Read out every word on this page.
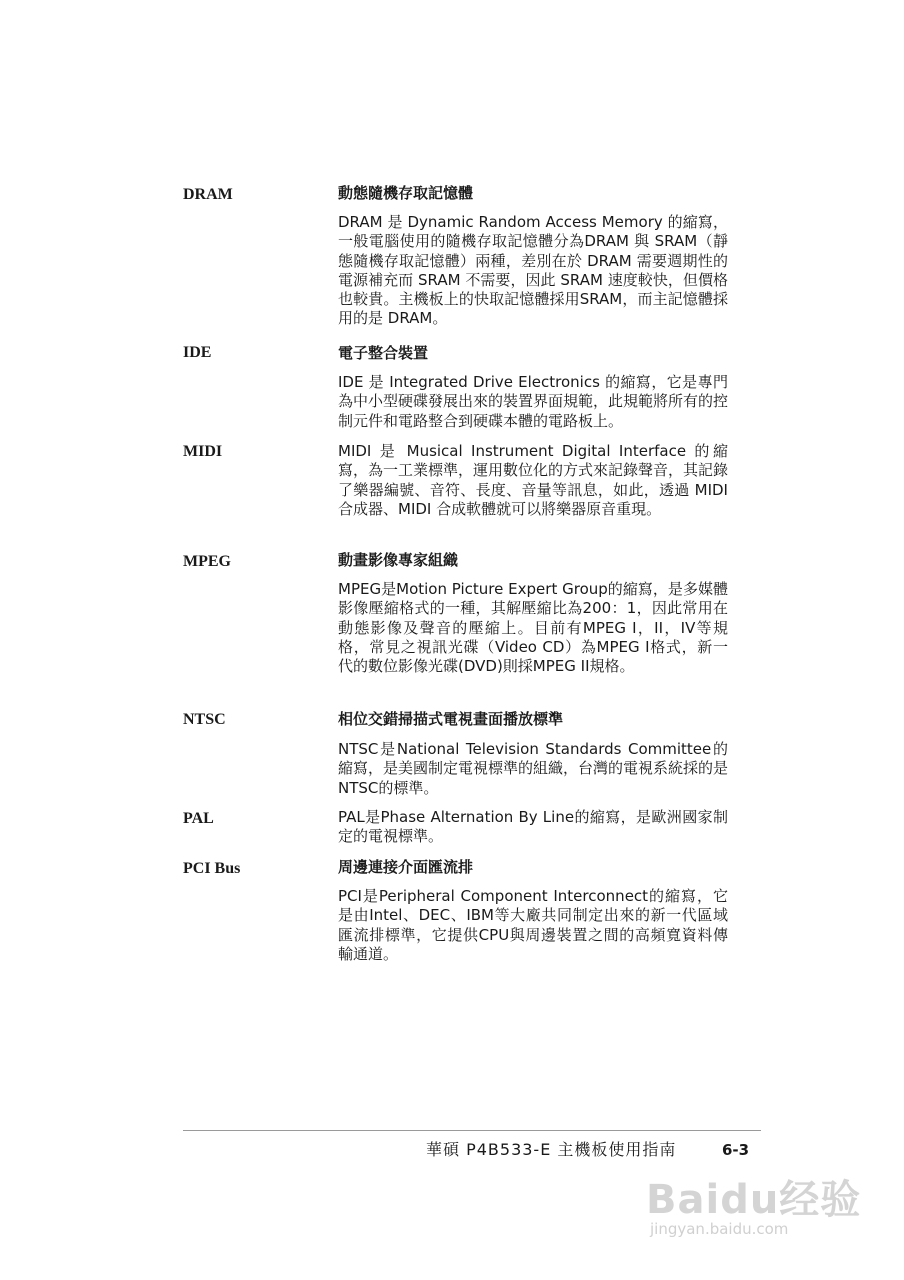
DRAM	動態隨機存取記憶體
DRAM 是 Dynamic Random Access Memory 的縮寫，一般電腦使用的隨機存取記憶體分為DRAM 與 SRAM（靜態隨機存取記憶體）兩種，差別在於 DRAM 需要週期性的電源補充而 SRAM 不需要，因此 SRAM 速度較快，但價格也較貴。主機板上的快取記憶體採用SRAM，而主記憶體採用的是 DRAM。
IDE	電子整合裝置
IDE 是 Integrated Drive Electronics 的縮寫，它是專門為中小型硬碟發展出來的裝置界面規範，此規範將所有的控制元件和電路整合到硬碟本體的電路板上。
MIDI	MIDI 是 Musical Instrument Digital Interface 的縮寫，為一工業標準，運用數位化的方式來記錄聲音，其記錄了樂器編號、音符、長度、音量等訊息，如此，透過 MIDI 合成器、MIDI 合成軟體就可以將樂器原音重現。
MPEG	動畫影像專家組織
MPEG是Motion Picture Expert Group的縮寫，是多媒體影像壓縮格式的一種，其解壓縮比為200：1，因此常用在動態影像及聲音的壓縮上。目前有MPEG I，II，IV等規格，常見之視訊光碟（Video CD）為MPEG I格式，新一代的數位影像光碟(DVD)則採MPEG II規格。
NTSC	相位交錯掃描式電視畫面播放標準
NTSC是National Television Standards Committee的縮寫，是美國制定電視標準的組織，台灣的電視系統採的是NTSC的標準。
PAL	PAL是Phase Alternation By Line的縮寫，是歐洲國家制定的電視標準。
PCI Bus	周邊連接介面匯流排
PCI是Peripheral Component Interconnect的縮寫，它是由Intel、DEC、IBM等大廠共同制定出來的新一代區域匯流排標準，它提供CPU與周邊裝置之間的高頻寬資料傳輸通道。
華碩 P4B533-E 主機板使用指南	6-3
Baidu经验
jingyan.baidu.com
